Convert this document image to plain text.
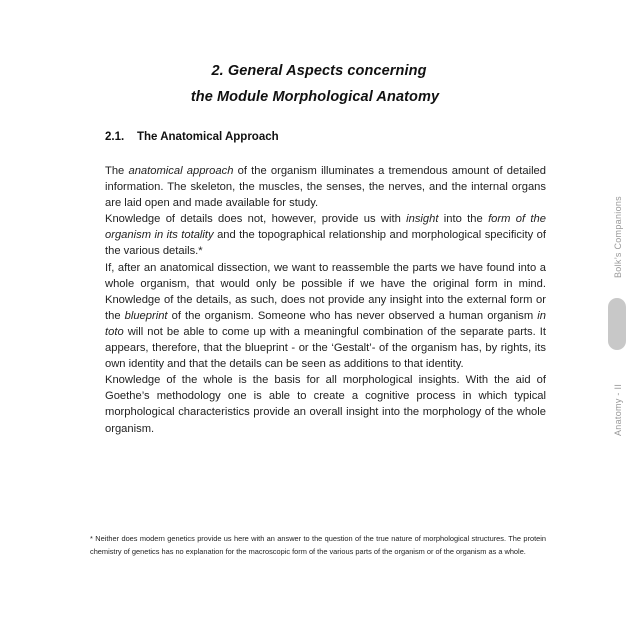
2. General Aspects concerning
the Module Morphological Anatomy
2.1. The Anatomical Approach

The anatomical approach of the organism illuminates a tremendous amount of detailed information. The skeleton, the muscles, the senses, the nerves, and the internal organs are laid open and made available for study.

Knowledge of details does not, however, provide us with insight into the form of the organism in its totality and the topographical relationship and morphological specificity of the various details.*

If, after an anatomical dissection, we want to reassemble the parts we have found into a whole organism, that would only be possible if we have the original form in mind. Knowledge of the details, as such, does not provide any insight into the external form or the blueprint of the organism. Someone who has never observed a human organism in toto will not be able to come up with a meaningful combination of the separate parts. It appears, therefore, that the blueprint - or the ‘Gestalt’- of the organism has, by rights, its own identity and that the details can be seen as additions to that identity.

Knowledge of the whole is the basis for all morphological insights. With the aid of Goethe’s methodology one is able to create a cognitive process in which typical morphological characteristics provide an overall insight into the morphology of the whole organism.

* Neither does modern genetics provide us here with an answer to the question of the true nature of morphological structures. The protein chemistry of genetics has no explanation for the macroscopic form of the various parts of the organism or of the organism as a whole.
Bolk’s Companions
Anatomy - II
